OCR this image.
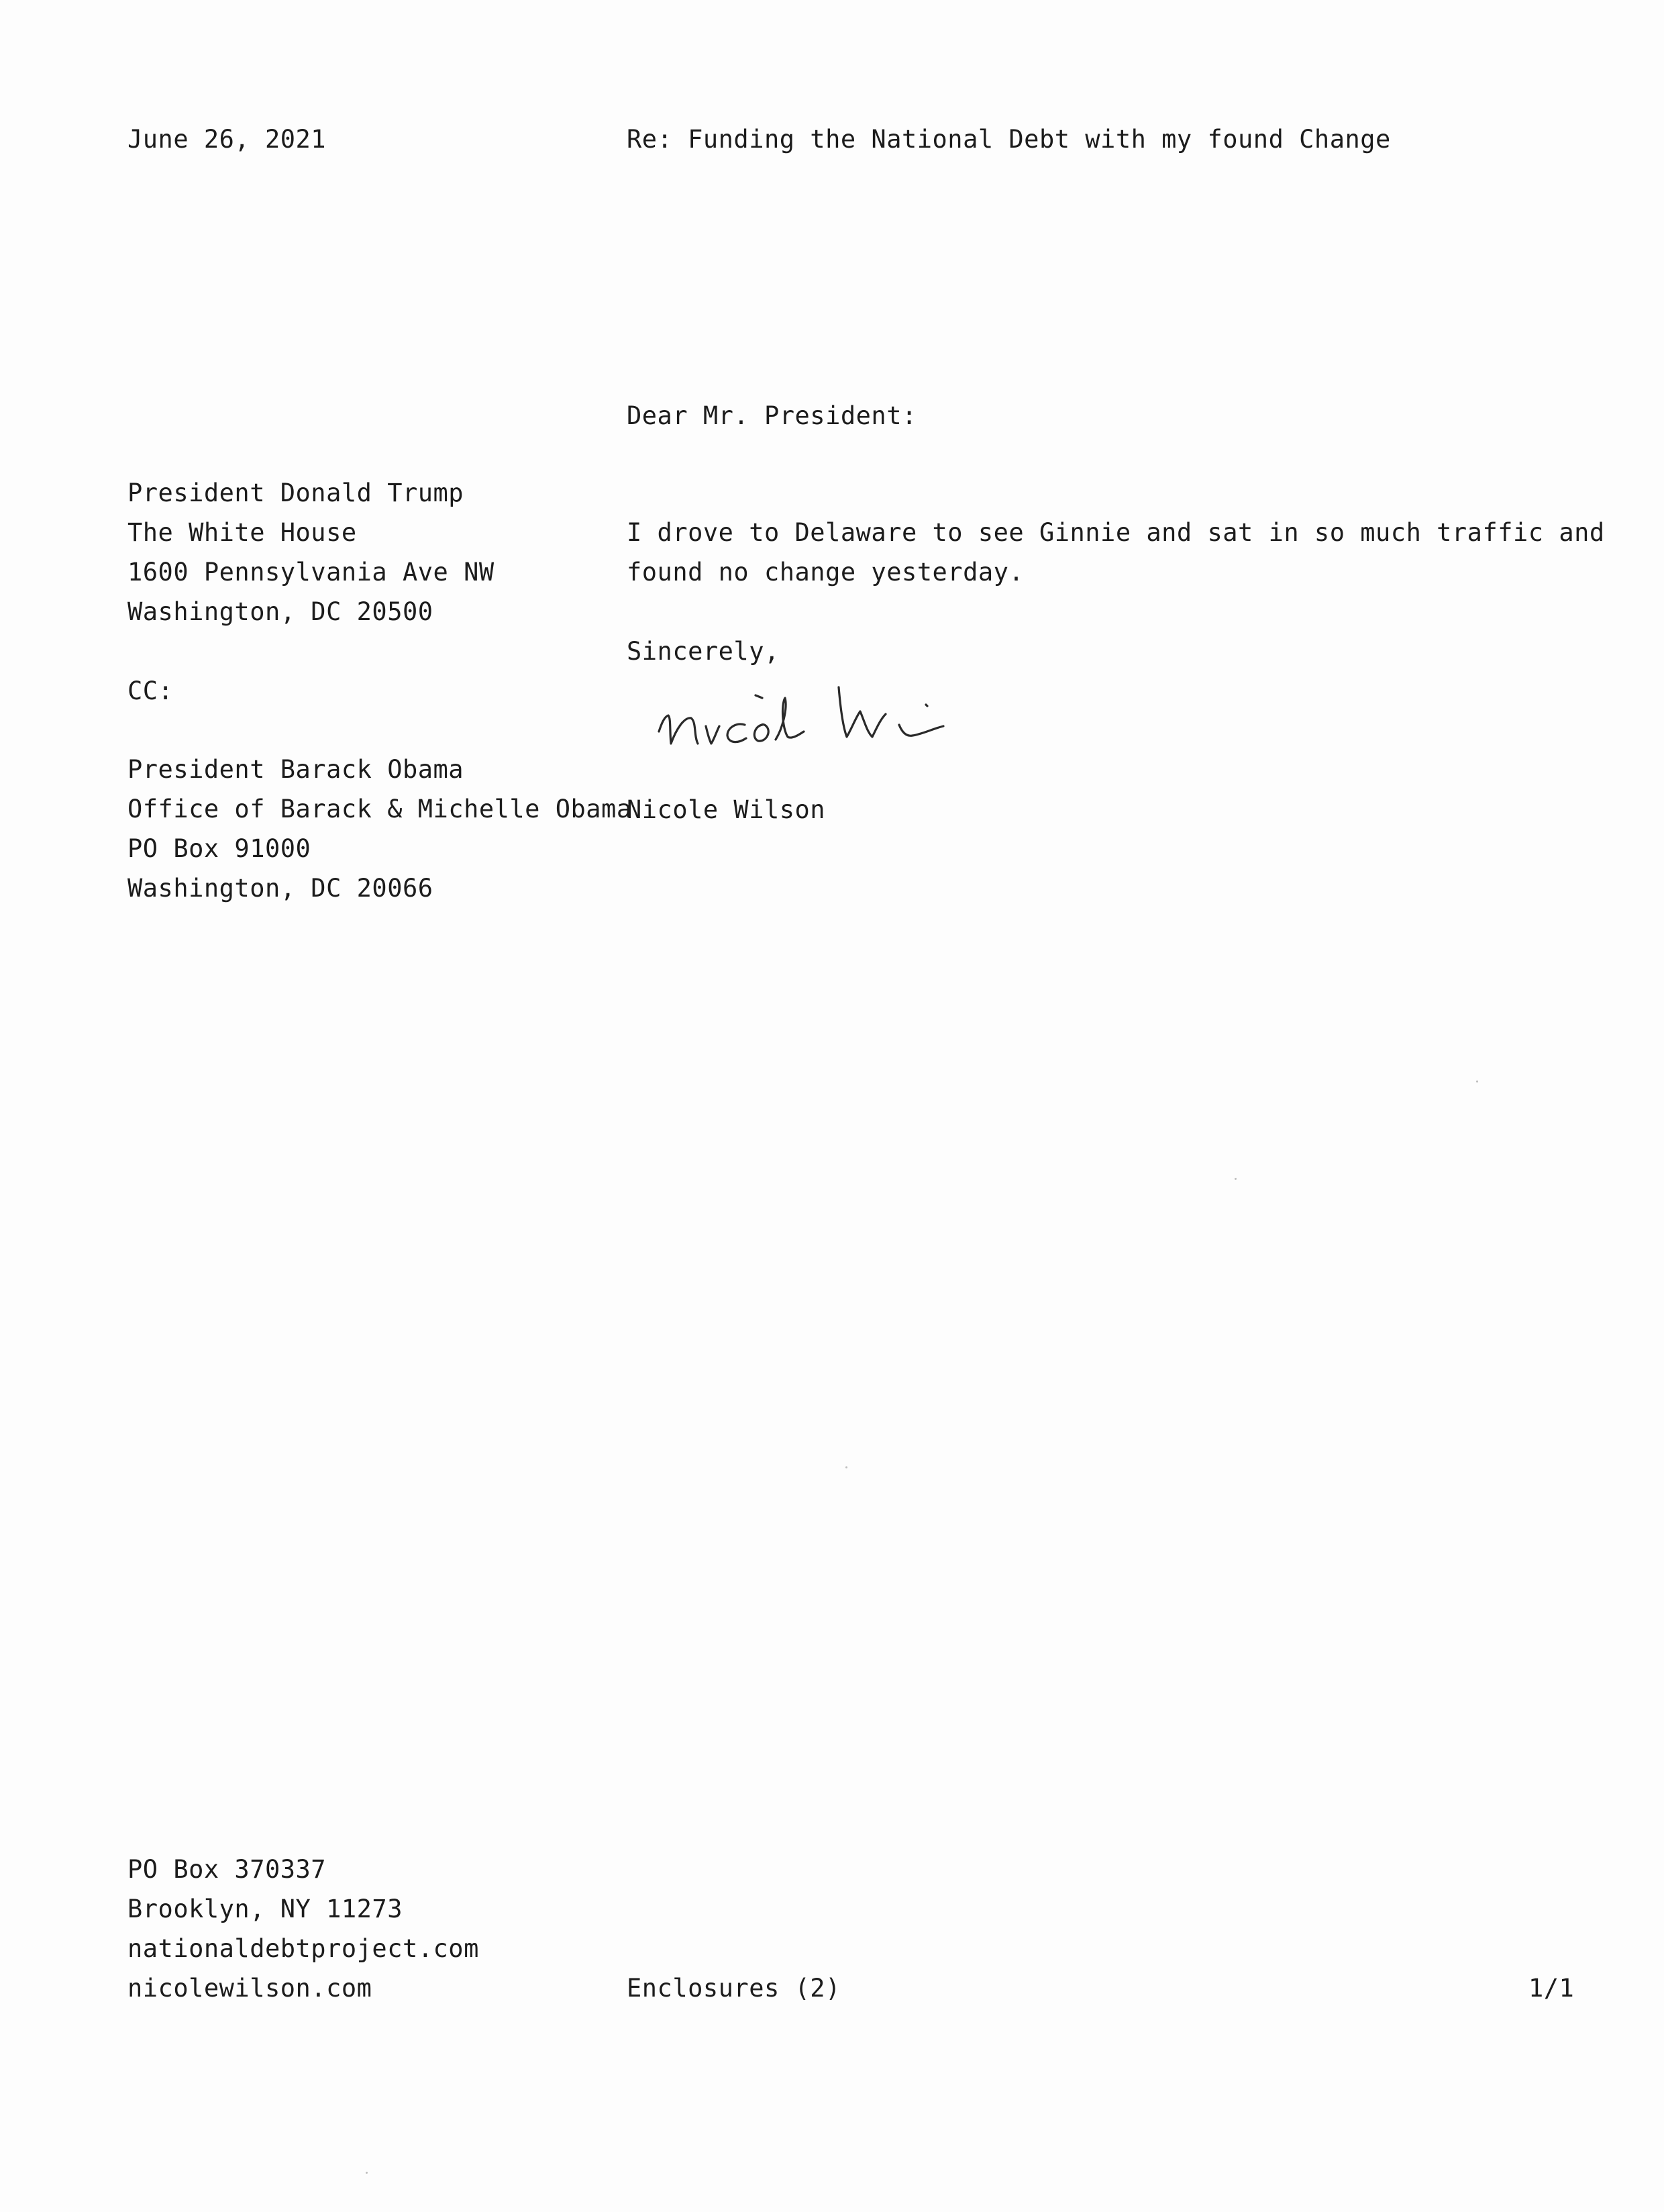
June 26, 2021	Re: Funding the National Debt with my found Change
Dear Mr. President:
President Donald Trump
The White House
1600 Pennsylvania Ave NW
Washington, DC 20500
CC:
President Barack Obama
Office of Barack & Michelle Obama
PO Box 91000
Washington, DC 20066
I drove to Delaware to see Ginnie and sat in so much traffic and
found no change yesterday.
Sincerely,
Nicole Wilson
PO Box 370337
Brooklyn, NY 11273
nationaldebtproject.com
nicolewilson.com	Enclosures (2)	1/1
